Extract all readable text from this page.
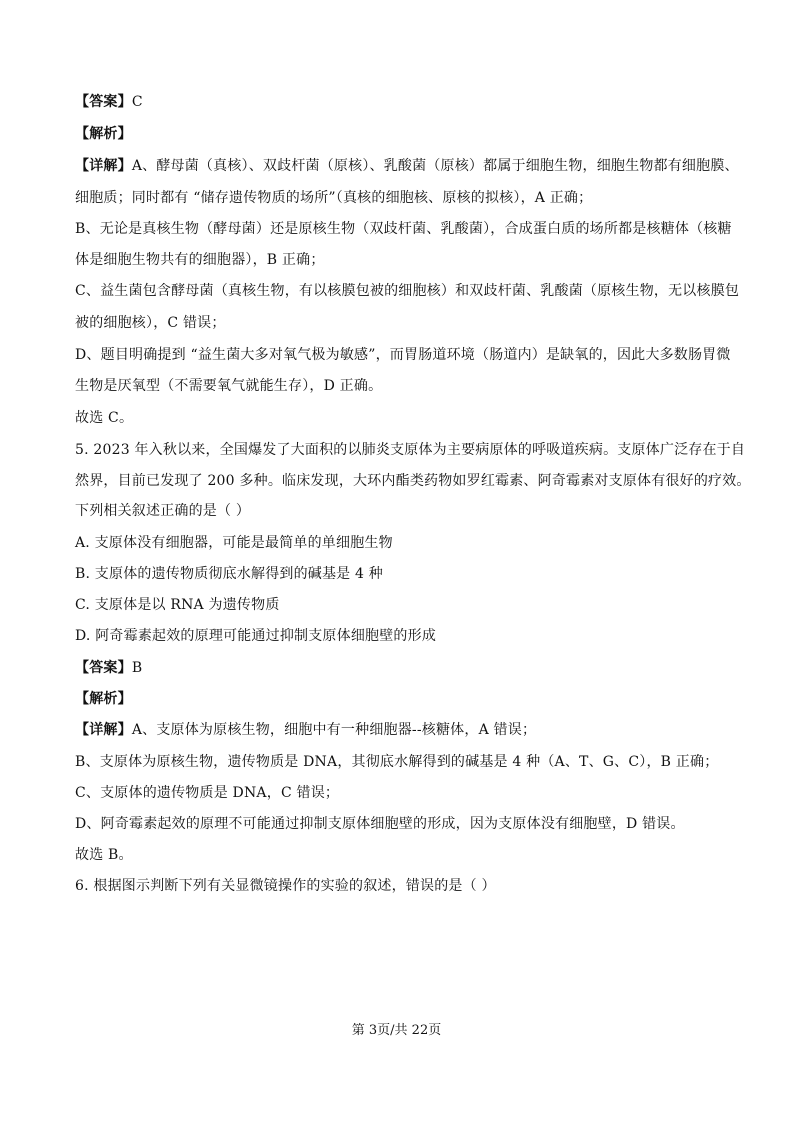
【答案】C
【解析】
【详解】A、酵母菌（真核）、双歧杆菌（原核）、乳酸菌（原核）都属于细胞生物，细胞生物都有细胞膜、
细胞质；同时都有 “储存遗传物质的场所”（真核的细胞核、原核的拟核），A 正确；
B、无论是真核生物（酵母菌）还是原核生物（双歧杆菌、乳酸菌），合成蛋白质的场所都是核糖体（核糖
体是细胞生物共有的细胞器），B 正确；
C、益生菌包含酵母菌（真核生物，有以核膜包被的细胞核）和双歧杆菌、乳酸菌（原核生物，无以核膜包
被的细胞核），C 错误；
D、题目明确提到 “益生菌大多对氧气极为敏感”，而胃肠道环境（肠道内）是缺氧的，因此大多数肠胃微
生物是厌氧型（不需要氧气就能生存），D 正确。
故选 C。
5. 2023 年入秋以来，全国爆发了大面积的以肺炎支原体为主要病原体的呼吸道疾病。支原体广泛存在于自
然界，目前已发现了 200 多种。临床发现，大环内酯类药物如罗红霉素、阿奇霉素对支原体有很好的疗效。
下列相关叙述正确的是（ ）
A. 支原体没有细胞器，可能是最简单的单细胞生物
B. 支原体的遗传物质彻底水解得到的碱基是 4 种
C. 支原体是以 RNA 为遗传物质
D. 阿奇霉素起效的原理可能通过抑制支原体细胞壁的形成
【答案】B
【解析】
【详解】A、支原体为原核生物，细胞中有一种细胞器--核糖体，A 错误；
B、支原体为原核生物，遗传物质是 DNA，其彻底水解得到的碱基是 4 种（A、T、G、C），B 正确；
C、支原体的遗传物质是 DNA，C 错误；
D、阿奇霉素起效的原理不可能通过抑制支原体细胞壁的形成，因为支原体没有细胞壁，D 错误。
故选 B。
6. 根据图示判断下列有关显微镜操作的实验的叙述，错误的是（ ）
第 3页/共 22页
